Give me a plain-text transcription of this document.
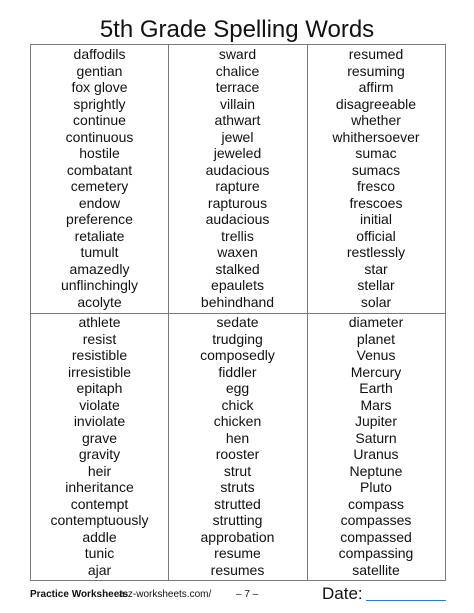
5th Grade Spelling Words
daffodils
gentian
fox glove
sprightly
continue
continuous
hostile
combatant
cemetery
endow
preference
retaliate
tumult
amazedly
unflinchingly
acolyte
sward
chalice
terrace
villain
athwart
jewel
jeweled
audacious
rapture
rapturous
audacious
trellis
waxen
stalked
epaulets
behindhand
resumed
resuming
affirm
disagreeable
whether
whithersoever
sumac
sumacs
fresco
frescoes
initial
official
restlessly
star
stellar
solar
athlete
resist
resistible
irresistible
epitaph
violate
inviolate
grave
gravity
heir
inheritance
contempt
contemptuously
addle
tunic
ajar
sedate
trudging
composedly
fiddler
egg
chick
chicken
hen
rooster
strut
struts
strutted
strutting
approbation
resume
resumes
diameter
planet
Venus
Mercury
Earth
Mars
Jupiter
Saturn
Uranus
Neptune
Pluto
compass
compasses
compassed
compassing
satellite
Practice Worksheets
a-z-worksheets.com/ – 7 –	Date:
